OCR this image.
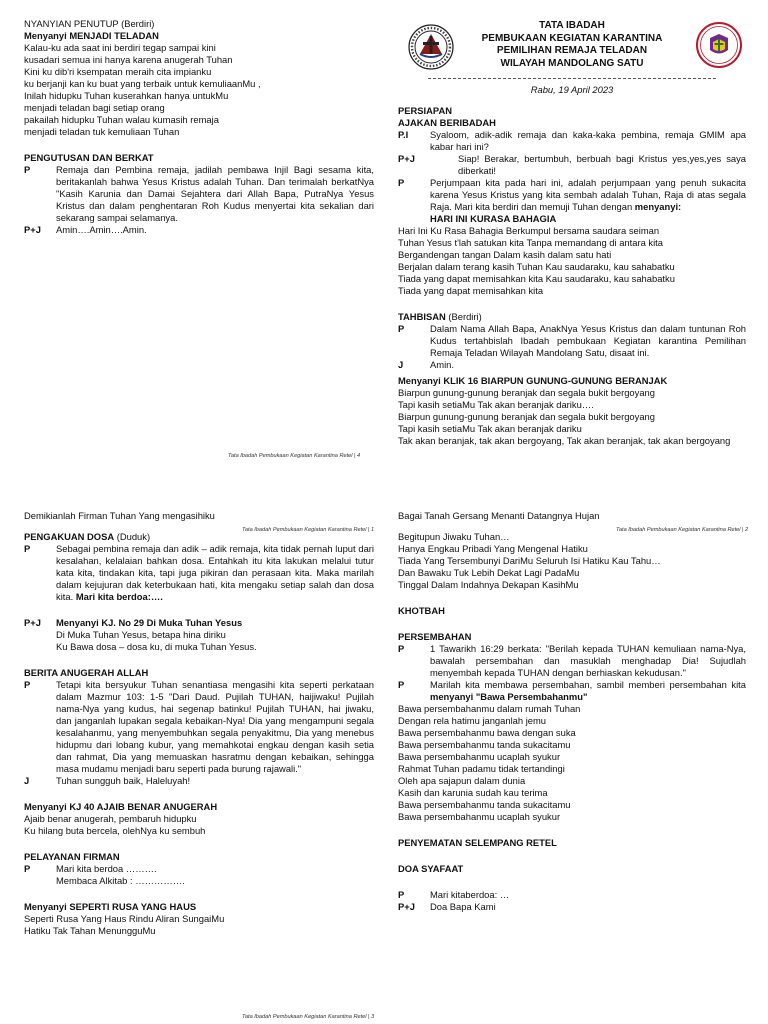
NYANYIAN PENUTUP (Berdiri)

Menyanyi MENJADI TELADAN

Kalau-ku ada saat ini berdiri tegap sampai kini

kusadari semua ini hanya karena anugerah Tuhan

Kini ku dib'ri ksempatan meraih cita impianku

ku berjanji kan ku buat yang terbaik untuk kemuliaanMu ,

Inilah hidupku Tuhan kuserahkan hanya untukMu

menjadi teladan bagi setiap orang

pakailah hidupku Tuhan walau kumasih remaja

menjadi teladan tuk kemuliaan Tuhan

PENGUTUSAN DAN BERKAT

P	Remaja dan Pembina remaja, jadilah pembawa Injil Bagi sesama kita, beritakanlah bahwa Yesus Kristus adalah Tuhan. Dan terimalah berkatNya "Kasih Karunia dan Damai Sejahtera dari Allah Bapa, PutraNya Yesus Kristus dan dalam penghentaran Roh Kudus menyertai kita sekalian dari sekarang sampai selamanya.
P+J	Amin….Amin….Amin.
Tata Ibadah Pembukaan Kegiatan Karantina Retel | 4
TATA IBADAH
PEMBUKAAN KEGIATAN KARANTINA
PEMILIHAN REMAJA TELADAN
WILAYAH MANDOLANG SATU

Rabu, 19 April 2023

PERSIAPAN

AJAKAN BERIBADAH

P.I	Syaloom, adik-adik remaja dan kaka-kaka pembina, remaja GMIM apa kabar hari ini?
P+J	Siap! Berakar, bertumbuh, berbuah bagi Kristus yes,yes,yes saya diberkati!
P	Perjumpaan kita pada hari ini, adalah perjumpaan yang penuh sukacita karena Yesus Kristus yang kita sembah adalah Tuhan, Raja di atas segala Raja. Mari kita berdiri dan memuji Tuhan dengan menyanyi:
HARI INI KURASA BAHAGIA

Hari Ini Ku Rasa Bahagia Berkumpul bersama saudara seiman

Tuhan Yesus t'lah satukan kita Tanpa memandang di antara kita

Bergandengan tangan Dalam kasih dalam satu hati

Berjalan dalam terang kasih Tuhan Kau saudaraku, kau sahabatku

Tiada yang dapat memisahkan kita Kau saudaraku, kau sahabatku

Tiada yang dapat memisahkan kita

TAHBISAN (Berdiri)

P	Dalam Nama Allah Bapa, AnakNya Yesus Kristus dan dalam tuntunan Roh Kudus tertahbislah Ibadah pembukaan Kegiatan karantina Pemilihan Remaja Teladan Wilayah Mandolang Satu, disaat ini.
J	Amin.

Menyanyi KLIK 16 BIARPUN GUNUNG-GUNUNG BERANJAK

Biarpun gunung-gunung beranjak dan segala bukit bergoyang

Tapi kasih setiaMu Tak akan beranjak dariku….

Biarpun gunung-gunung beranjak dan segala bukit bergoyang

Tapi kasih setiaMu Tak akan beranjak dariku

Tak akan beranjak, tak akan bergoyang, Tak akan beranjak, tak akan bergoyang

Demikianlah Firman Tuhan Yang mengasihiku

PENGAKUAN DOSA (Duduk)

P	Sebagai pembina remaja dan adik – adik remaja, kita tidak pernah luput dari kesalahan, kelalaian bahkan dosa. Entahkah itu kita lakukan melalui tutur kata kita, tindakan kita, tapi juga pikiran dan perasaan kita. Maka marilah dalam kejujuran dak keterbukaan hati, kita mengaku setiap salah dan dosa kita. Mari kita berdoa:….
P+J	Menyanyi KJ. No 29 Di Muka Tuhan Yesus

Di Muka Tuhan Yesus, betapa hina diriku

Ku Bawa dosa – dosa ku, di muka Tuhan Yesus.

BERITA ANUGERAH ALLAH

P	Tetapi kita bersyukur Tuhan senantiasa mengasihi kita seperti perkataan dalam Mazmur 103: 1-5 "Dari Daud. Pujilah TUHAN, haijiwaku! Pujilah nama-Nya yang kudus, hai segenap batinku! Pujilah TUHAN, hai jiwaku, dan janganlah lupakan segala kebaikan-Nya! Dia yang mengampuni segala kesalahanmu, yang menyembuhkan segala penyakitmu, Dia yang menebus hidupmu dari lobang kubur, yang memahkotai engkau dengan kasih setia dan rahmat, Dia yang memuaskan hasratmu dengan kebaikan, sehingga masa mudamu menjadi baru seperti pada burung rajawali."
J	Tuhan sungguh baik, Haleluyah!

Menyanyi KJ 40 AJAIB BENAR ANUGERAH

Ajaib benar anugerah, pembaruh hidupku

Ku hilang buta bercela, olehNya ku sembuh

PELAYANAN FIRMAN

P	Mari kita berdoa ……….
Membaca Alkitab : …………….

Menyanyi SEPERTI RUSA YANG HAUS

Seperti Rusa Yang Haus Rindu Aliran SungaiMu

Hatiku Tak Tahan MenungguMu

Tata Ibadah Pembukaan Kegiatan Karantina Retel | 1
Tata Ibadah Pembukaan Kegiatan Karantina Retel | 3

Bagai Tanah Gersang Menanti Datangnya Hujan

Begitupun Jiwaku Tuhan…

Hanya Engkau Pribadi Yang Mengenal Hatiku

Tiada Yang Tersembunyi DariMu Seluruh Isi Hatiku Kau Tahu…

Dan Bawaku Tuk Lebih Dekat Lagi PadaMu

Tinggal Dalam Indahnya Dekapan KasihMu

KHOTBAH

PERSEMBAHAN

P	1 Tawarikh 16:29 berkata: "Berilah kepada TUHAN kemuliaan nama-Nya, bawalah persembahan dan masuklah menghadap Dia! Sujudlah menyembah kepada TUHAN dengan berhiaskan kekudusan."
P	Marilah kita membawa persembahan, sambil memberi persembahan kita menyanyi "Bawa Persembahanmu"

Bawa persembahanmu dalam rumah Tuhan

Dengan rela hatimu janganlah jemu

Bawa persembahanmu bawa dengan suka

Bawa persembahanmu tanda sukacitamu

Bawa persembahanmu ucaplah syukur

Rahmat Tuhan padamu tidak tertandingi

Oleh apa sajapun dalam dunia

Kasih dan karunia sudah kau terima

Bawa persembahanmu tanda sukacitamu

Bawa persembahanmu ucaplah syukur

PENYEMATAN SELEMPANG RETEL

DOA SYAFAAT

P	Mari kitaberdoa: …
P+J	Doa Bapa Kami
Tata Ibadah Pembukaan Kegiatan Karantina Retel | 2
